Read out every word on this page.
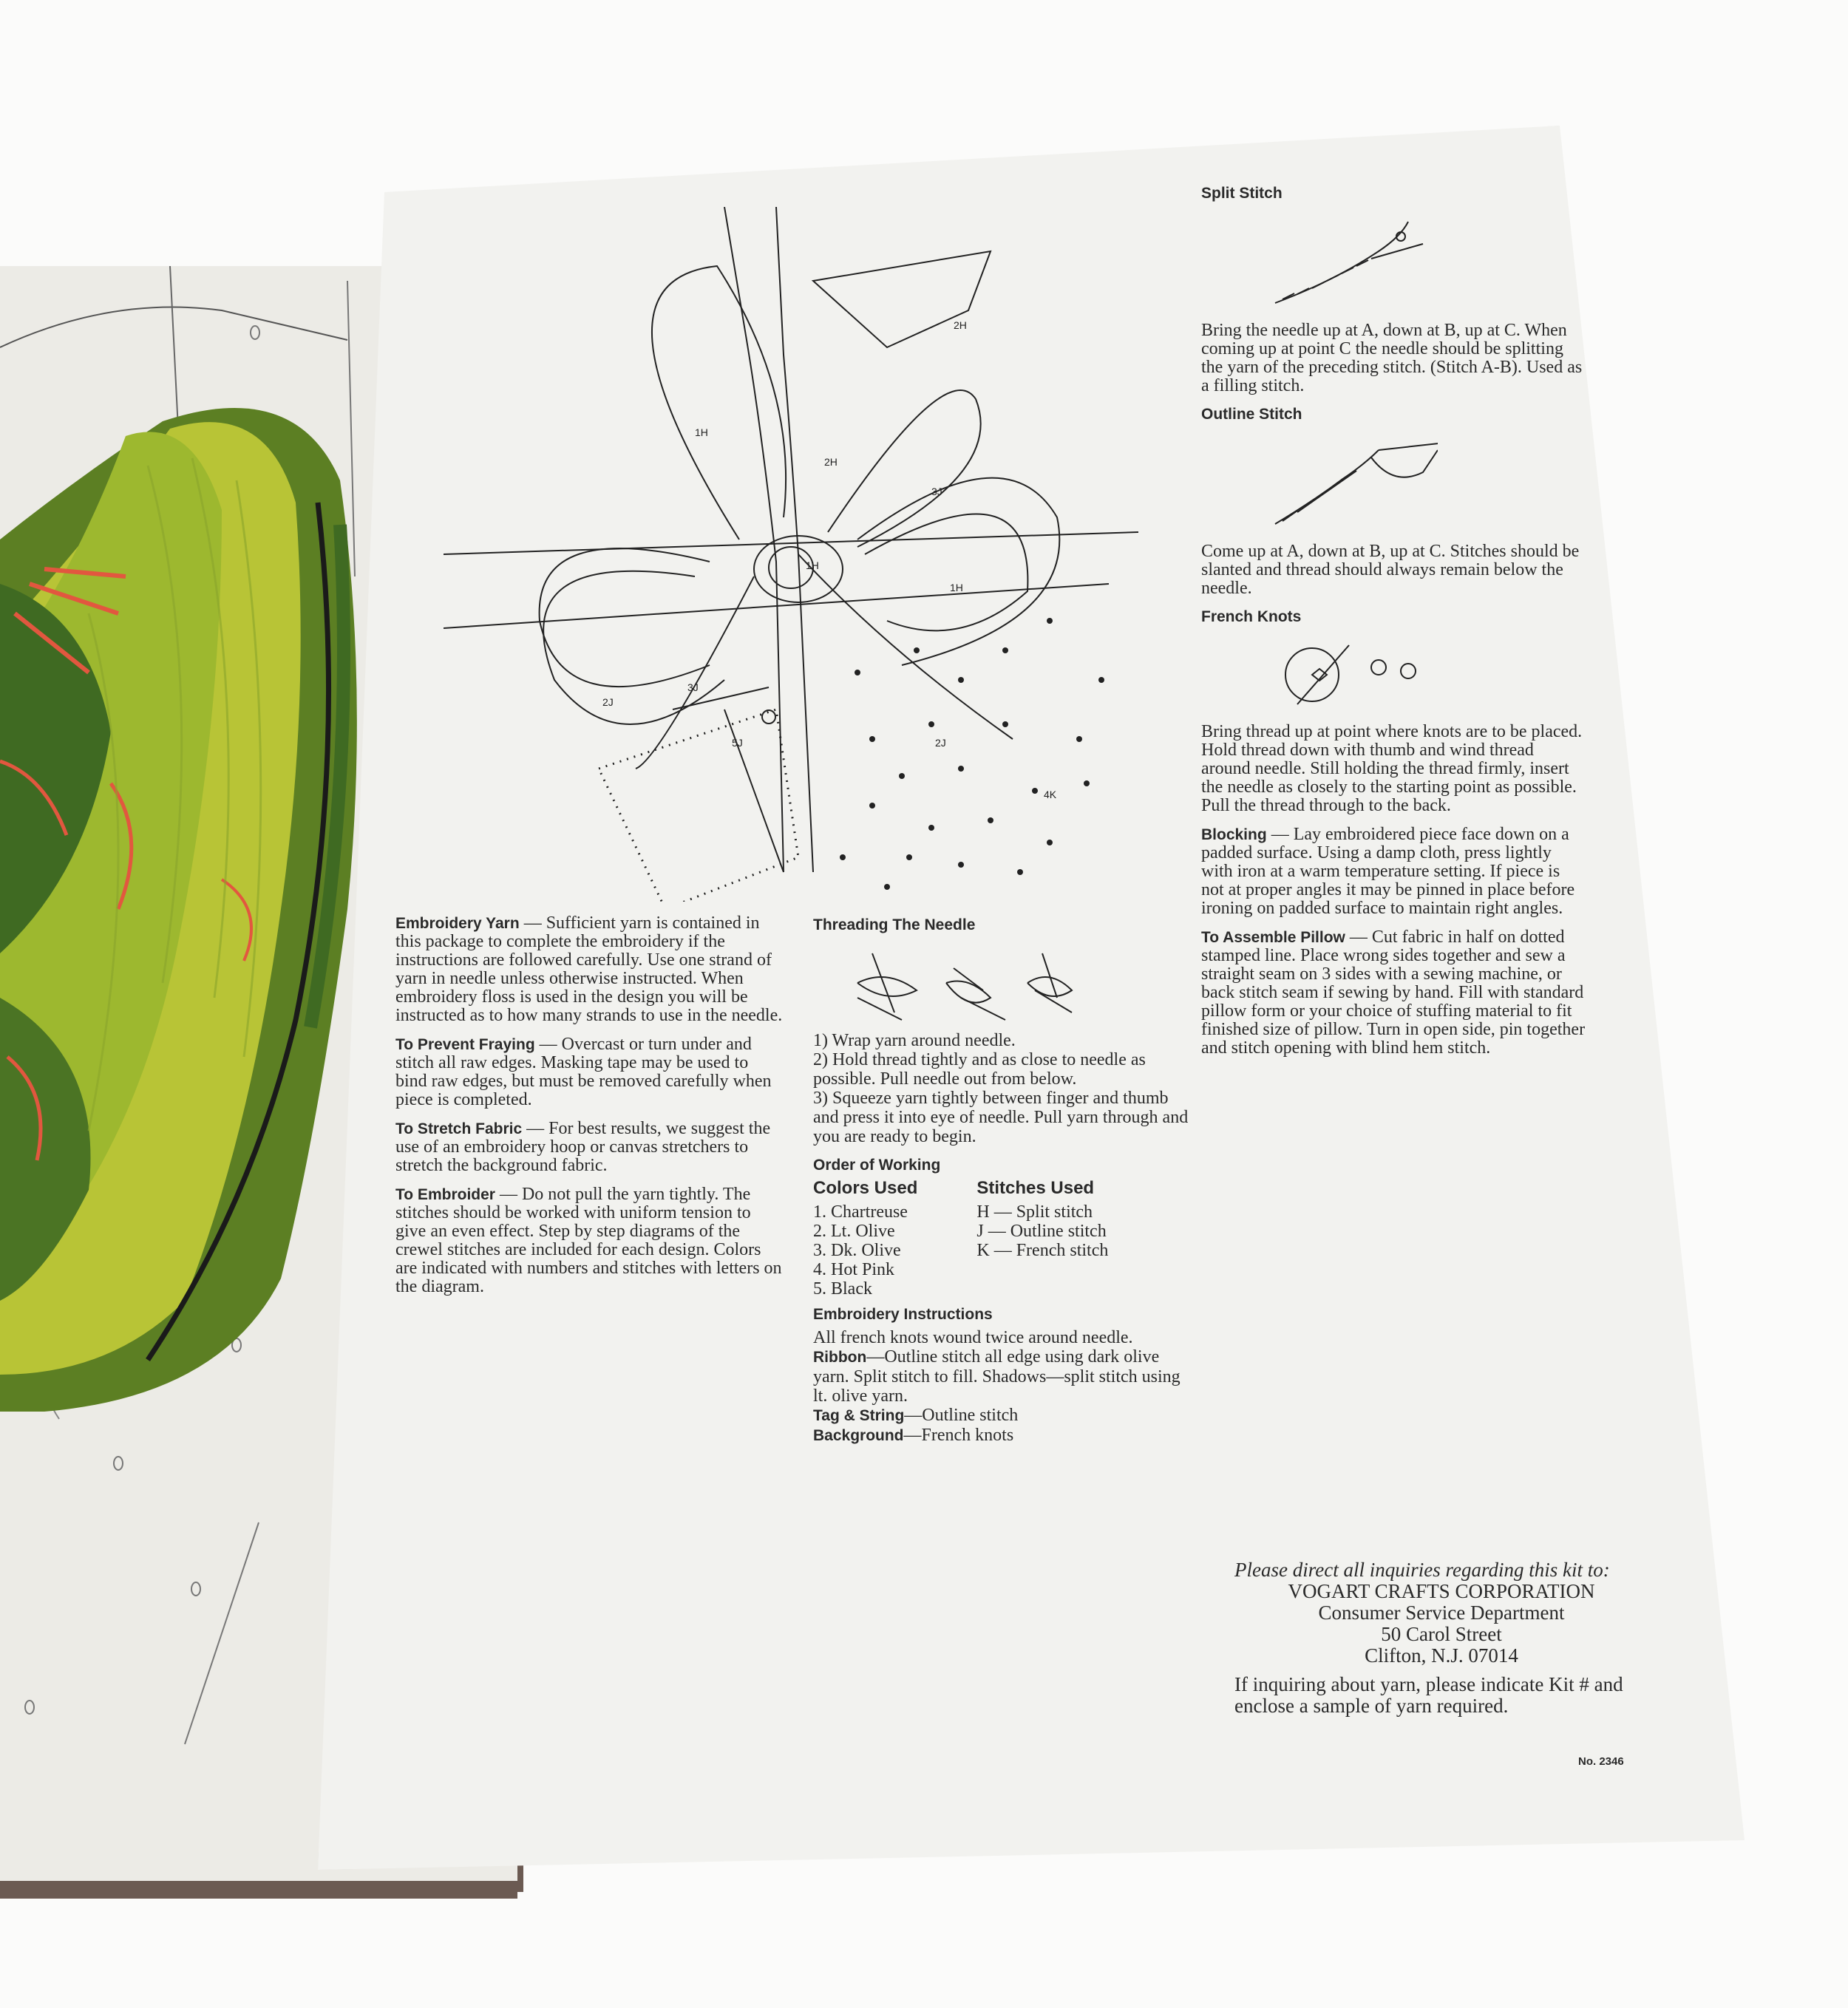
2H
1H
2H
3J
1H
1H
2J
3J
5J	2J
4K

Embroidery Yarn — Sufficient yarn is contained in this package to complete the embroidery if the instructions are followed carefully. Use one strand of yarn in needle unless otherwise instructed. When embroidery floss is used in the design you will be instructed as to how many strands to use in the needle.

To Prevent Fraying — Overcast or turn under and stitch all raw edges. Masking tape may be used to bind raw edges, but must be removed carefully when piece is completed.

To Stretch Fabric — For best results, we suggest the use of an embroidery hoop or canvas stretchers to stretch the background fabric.

To Embroider — Do not pull the yarn tightly. The stitches should be worked with uniform tension to give an even effect. Step by step diagrams of the crewel stitches are included for each design. Colors are indicated with numbers and stitches with letters on the diagram.

Threading The Needle
1) Wrap yarn around needle.
2) Hold thread tightly and as close to needle as possible. Pull needle out from below.
3) Squeeze yarn tightly between finger and thumb and press it into eye of needle. Pull yarn through and you are ready to begin.
Order of Working
Colors Used
1. Chartreuse
2. Lt. Olive
3. Dk. Olive
4. Hot Pink
5. Black
Stitches Used
H — Split stitch
J — Outline stitch
K — French stitch
Embroidery Instructions
All french knots wound twice around needle.
Ribbon—Outline stitch all edge using dark olive yarn. Split stitch to fill. Shadows—split stitch using lt. olive yarn.
Tag & String—Outline stitch
Background—French knots
Split Stitch

Bring the needle up at A, down at B, up at C. When coming up at point C the needle should be splitting the yarn of the preceding stitch. (Stitch A-B). Used as a filling stitch.

Outline Stitch

Come up at A, down at B, up at C. Stitches should be slanted and thread should always remain below the needle.

French Knots

Bring thread up at point where knots are to be placed. Hold thread down with thumb and wind thread around needle. Still holding the thread firmly, insert the needle as closely to the starting point as possible. Pull the thread through to the back.

Blocking — Lay embroidered piece face down on a padded surface. Using a damp cloth, press lightly with iron at a warm temperature setting. If piece is not at proper angles it may be pinned in place before ironing on padded surface to maintain right angles.

To Assemble Pillow — Cut fabric in half on dotted stamped line. Place wrong sides together and sew a straight seam on 3 sides with a sewing machine, or back stitch seam if sewing by hand. Fill with standard pillow form or your choice of stuffing material to fit finished size of pillow. Turn in open side, pin together and stitch opening with blind hem stitch.

Please direct all inquiries regarding this kit to:
VOGART CRAFTS CORPORATION
Consumer Service Department
50 Carol Street
Clifton, N.J. 07014
If inquiring about yarn, please indicate Kit # and enclose a sample of yarn required.
No. 2346
